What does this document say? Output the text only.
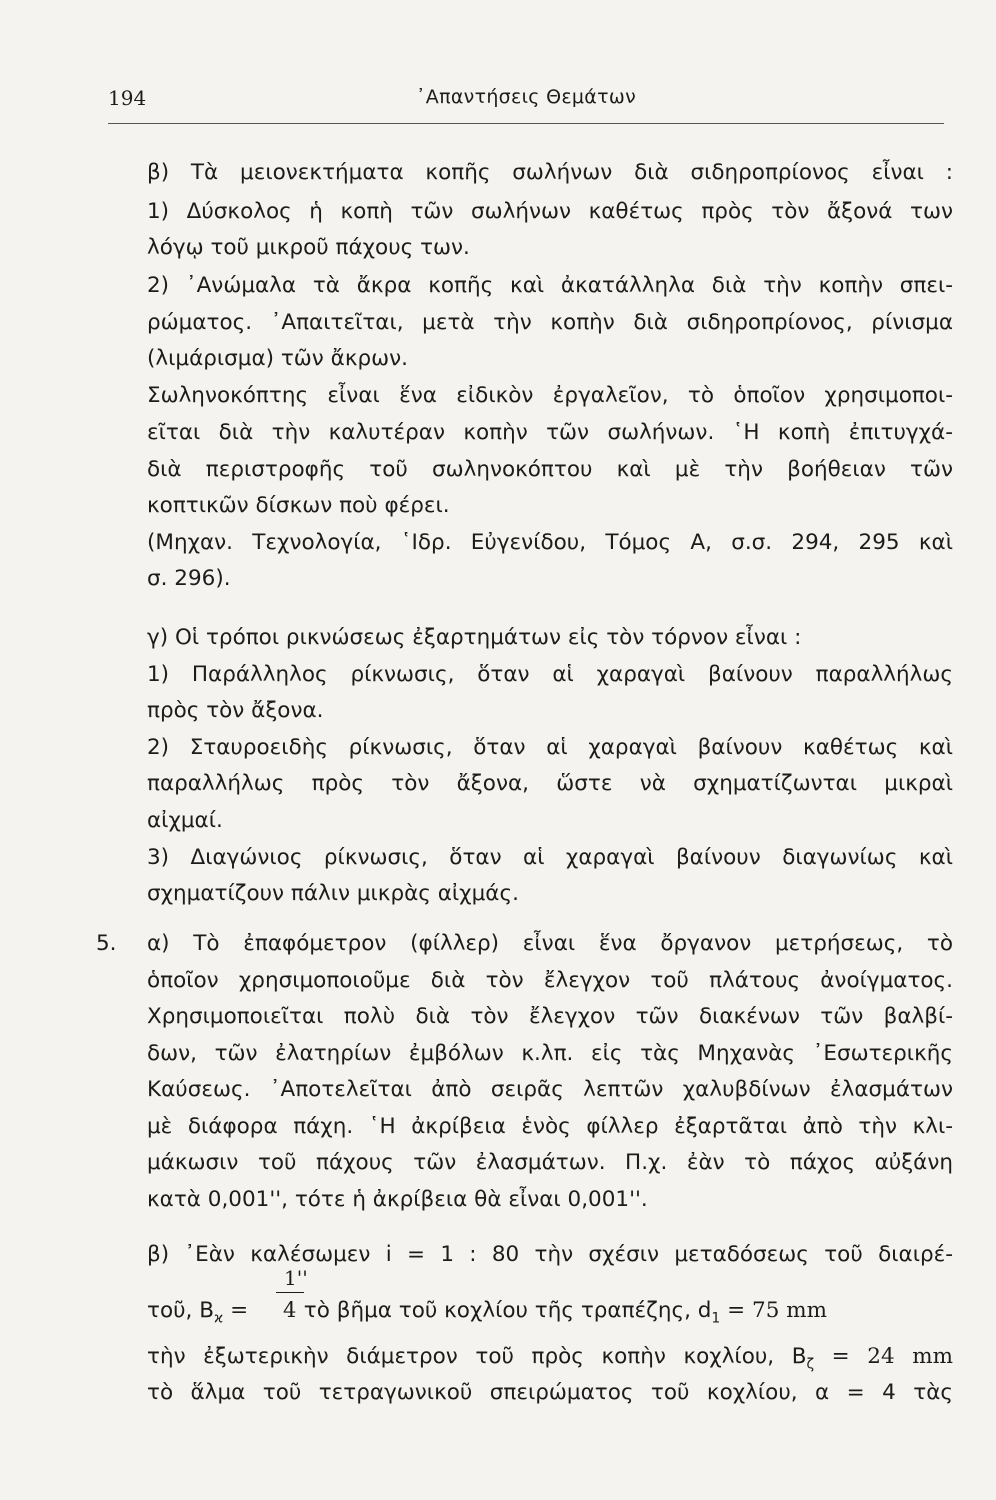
194	᾿Απαντήσεις Θεμάτων
β) Τὰ μειονεκτήματα κοπῆς σωλήνων διὰ σιδηροπρίονος εἶναι :
1) Δύσκολος ἡ κοπὴ τῶν σωλήνων καθέτως πρὸς τὸν ἄξονά των
λόγῳ τοῦ μικροῦ πάχους των.
2) ᾿Ανώμαλα τὰ ἄκρα κοπῆς καὶ ἀκατάλληλα διὰ τὴν κοπὴν σπει-
ρώματος. ᾿Απαιτεῖται, μετὰ τὴν κοπὴν διὰ σιδηροπρίονος, ρίνισμα
(λιμάρισμα) τῶν ἄκρων.
Σωληνοκόπτης εἶναι ἕνα εἰδικὸν ἐργαλεῖον, τὸ ὁποῖον χρησιμοποι-
εῖται διὰ τὴν καλυτέραν κοπὴν τῶν σωλήνων. ῾Η κοπὴ ἐπιτυγχά-
διὰ περιστροφῆς τοῦ σωληνοκόπτου καὶ μὲ τὴν βοήθειαν τῶν
κοπτικῶν δίσκων ποὺ φέρει.
(Μηχαν. Τεχνολογία, ῾Ιδρ. Εὐγενίδου, Τόμος Α, σ.σ. 294, 295 καὶ
σ. 296).
γ) Οἱ τρόποι ρικνώσεως ἐξαρτημάτων εἰς τὸν τόρνον εἶναι :
1) Παράλληλος ρίκνωσις, ὅταν αἱ χαραγαὶ βαίνουν παραλλήλως
πρὸς τὸν ἄξονα.
2) Σταυροειδὴς ρίκνωσις, ὅταν αἱ χαραγαὶ βαίνουν καθέτως καὶ
παραλλήλως πρὸς τὸν ἄξονα, ὥστε νὰ σχηματίζωνται μικραὶ
αἰχμαί.
3) Διαγώνιος ρίκνωσις, ὅταν αἱ χαραγαὶ βαίνουν διαγωνίως καὶ
σχηματίζουν πάλιν μικρὰς αἰχμάς.
5. α) Τὸ ἐπαφόμετρον (φίλλερ) εἶναι ἕνα ὄργανον μετρήσεως, τὸ
ὁποῖον χρησιμοποιοῦμε διὰ τὸν ἔλεγχον τοῦ πλάτους ἀνοίγματος.
Χρησιμοποιεῖται πολὺ διὰ τὸν ἔλεγχον τῶν διακένων τῶν βαλβί-
δων, τῶν ἐλατηρίων ἐμβόλων κ.λπ. εἰς τὰς Μηχανὰς ᾿Εσωτερικῆς
Καύσεως. ᾿Αποτελεῖται ἀπὸ σειρᾶς λεπτῶν χαλυβδίνων ἐλασμάτων
μὲ διάφορα πάχη. ῾Η ἀκρίβεια ἑνὸς φίλλερ ἐξαρτᾶται ἀπὸ τὴν κλι-
μάκωσιν τοῦ πάχους τῶν ἐλασμάτων. Π.χ. ἐὰν τὸ πάχος αὐξάνη
κατὰ 0,001'', τότε ἡ ἀκρίβεια θὰ εἶναι 0,001''.
β) ᾿Εὰν καλέσωμεν i = 1 : 80 τὴν σχέσιν μεταδόσεως τοῦ διαιρέ-
τοῦ, $B_ϰ$ =  τὸ βῆμα τοῦ κοχλίου τῆς τραπέζης, $d_1 = 75$ mm
1''
4
τὴν ἐξωτερικὴν διάμετρον τοῦ πρὸς κοπὴν κοχλίου, $B_\zeta = 24$ mm
τὸ ἅλμα τοῦ τετραγωνικοῦ σπειρώματος τοῦ κοχλίου, α = 4 τὰς
